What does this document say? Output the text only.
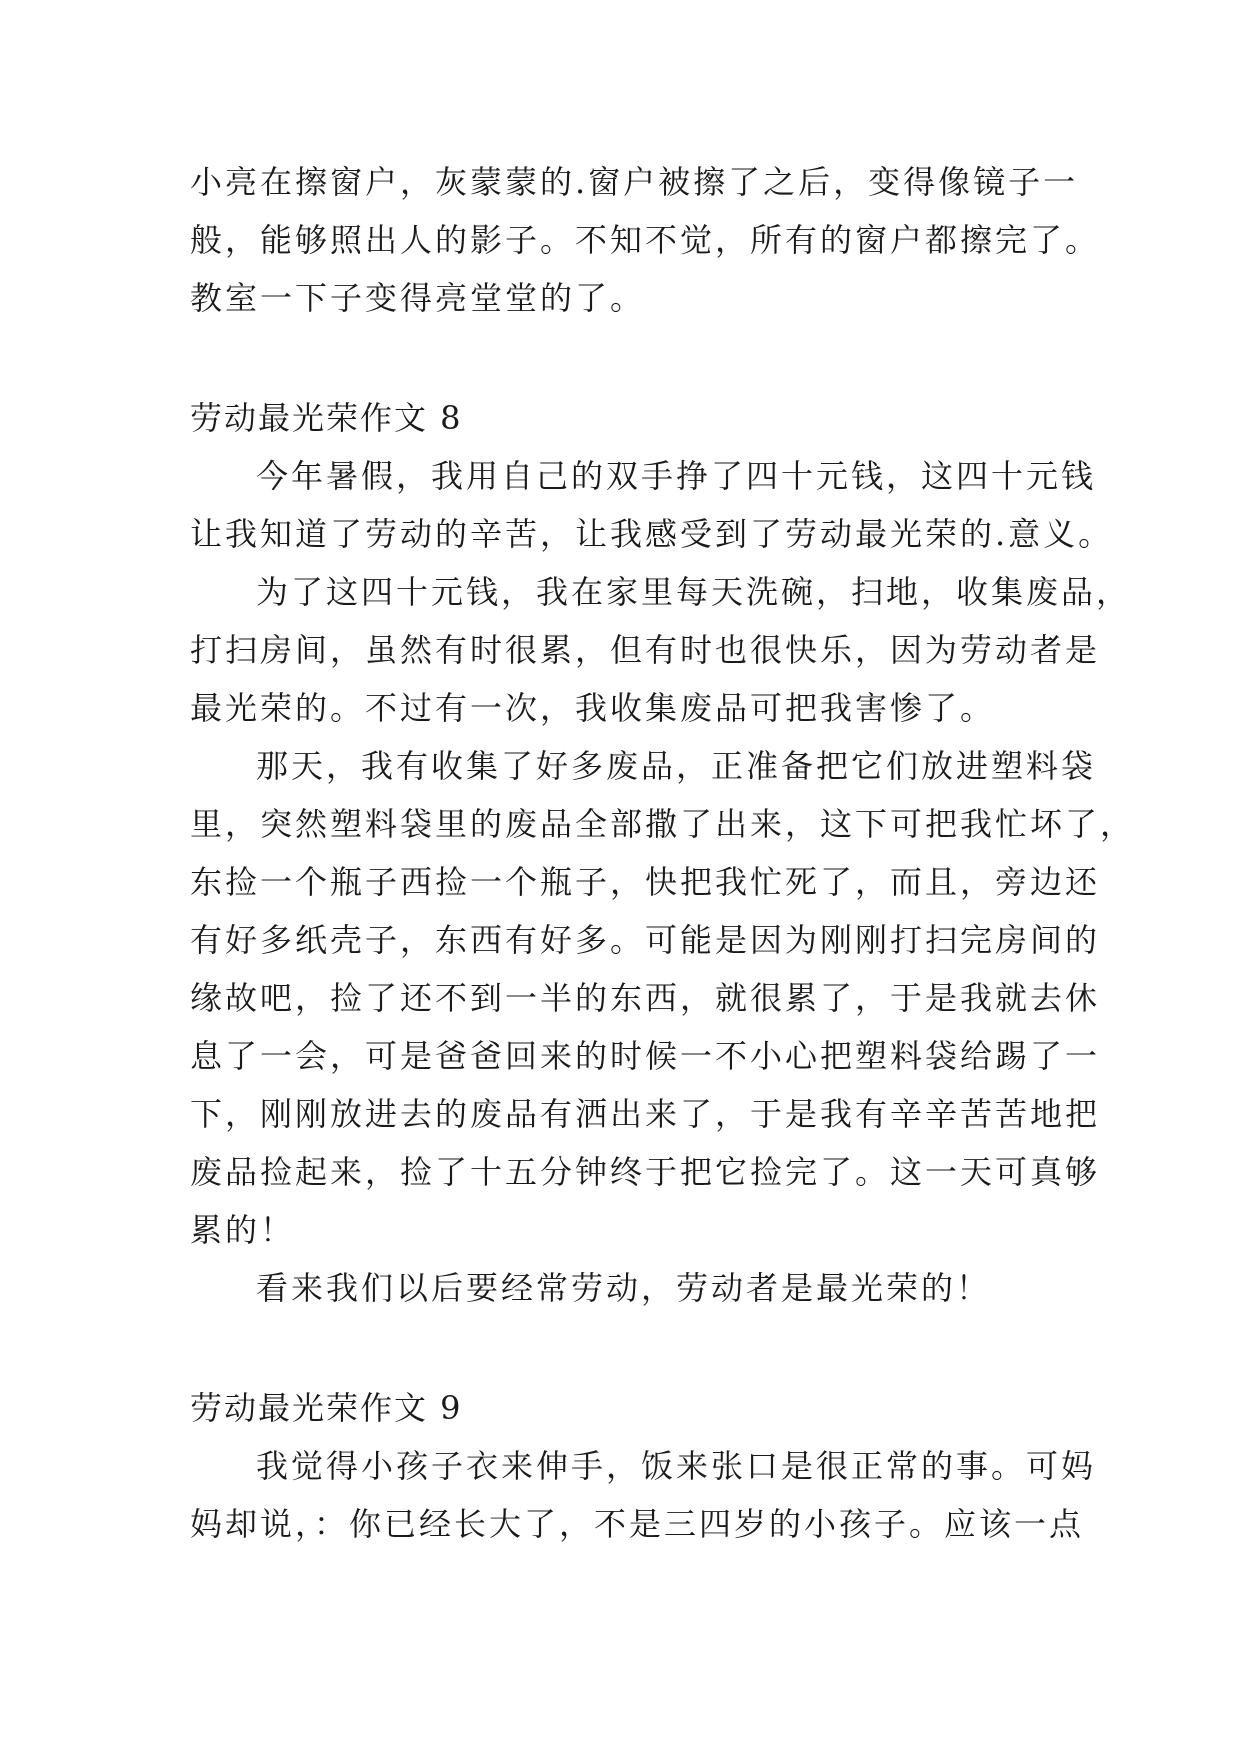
小亮在擦窗户，灰蒙蒙的.窗户被擦了之后，变得像镜子一
般，能够照出人的影子。不知不觉，所有的窗户都擦完了。
教室一下子变得亮堂堂的了。
劳动最光荣作文 8
今年暑假，我用自己的双手挣了四十元钱，这四十元钱
让我知道了劳动的辛苦，让我感受到了劳动最光荣的.意义。
为了这四十元钱，我在家里每天洗碗，扫地，收集废品，
打扫房间，虽然有时很累，但有时也很快乐，因为劳动者是
最光荣的。不过有一次，我收集废品可把我害惨了。
那天，我有收集了好多废品，正准备把它们放进塑料袋
里，突然塑料袋里的废品全部撒了出来，这下可把我忙坏了，
东捡一个瓶子西捡一个瓶子，快把我忙死了，而且，旁边还
有好多纸壳子，东西有好多。可能是因为刚刚打扫完房间的
缘故吧，捡了还不到一半的东西，就很累了，于是我就去休
息了一会，可是爸爸回来的时候一不小心把塑料袋给踢了一
下，刚刚放进去的废品有洒出来了，于是我有辛辛苦苦地把
废品捡起来，捡了十五分钟终于把它捡完了。这一天可真够
累的！
看来我们以后要经常劳动，劳动者是最光荣的！
劳动最光荣作文 9
我觉得小孩子衣来伸手，饭来张口是很正常的事。可妈
妈却说，：你已经长大了，不是三四岁的小孩子。应该一点
